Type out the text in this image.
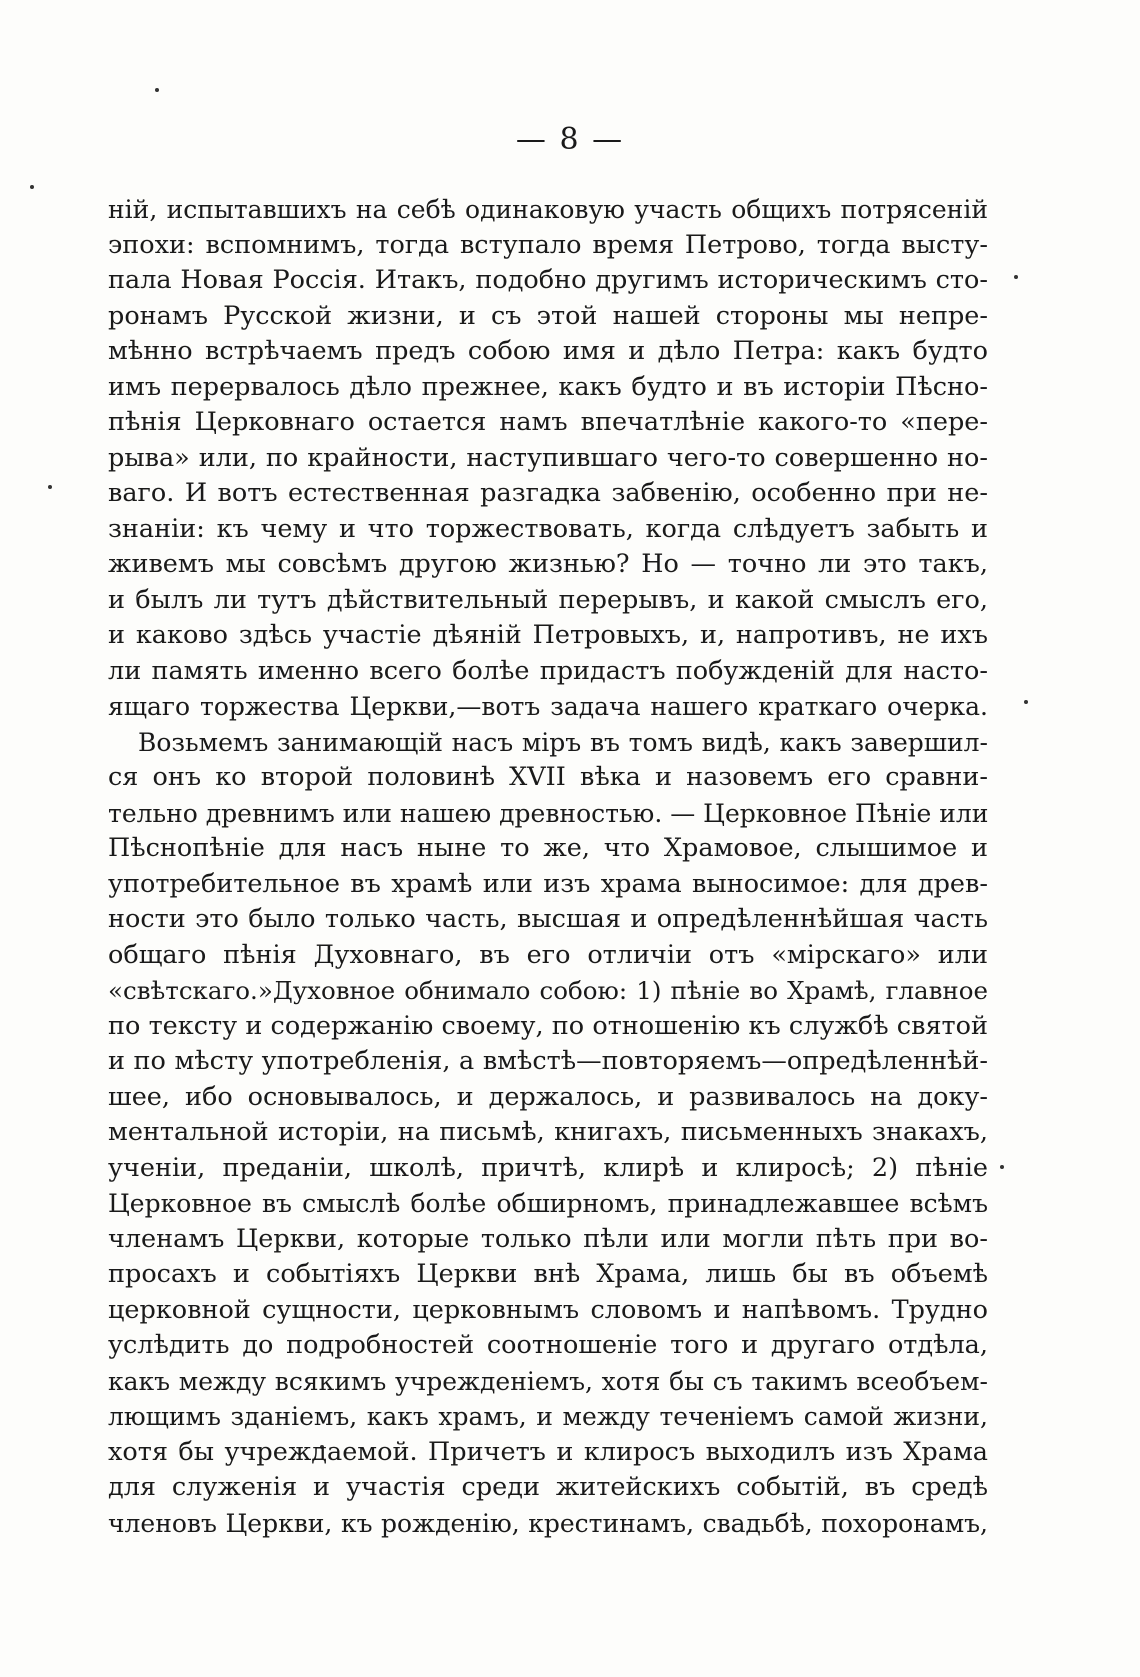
— 8 —
нiй, испытавшихъ на себѣ одинаковую участь общихъ потрясенiй
эпохи: вспомнимъ, тогда вступало время Петрово, тогда высту-
пала Новая Россiя. Итакъ, подобно другимъ историческимъ сто-
ронамъ Русской жизни, и съ этой нашей стороны мы непре-
мѣнно встрѣчаемъ предъ собою имя и дѣло Петра: какъ будто
имъ перервалось дѣло прежнее, какъ будто и въ исторiи Пѣсно-
пѣнiя Церковнаго остается намъ впечатлѣнiе какого-то «пере-
рыва» или, по крайности, наступившаго чего-то совершенно но-
ваго. И вотъ естественная разгадка забвенiю, особенно при не-
знанiи: къ чему и что торжествовать, когда слѣдуетъ забыть и
живемъ мы совсѣмъ другою жизнью? Но — точно ли это такъ,
и былъ ли тутъ дѣйствительный перерывъ, и какой смыслъ его,
и каково здѣсь участiе дѣянiй Петровыхъ, и, напротивъ, не ихъ
ли память именно всего болѣе придастъ побужденiй для насто-
ящаго торжества Церкви,—вотъ задача нашего краткаго очерка.
Возьмемъ занимающiй насъ мiръ въ томъ видѣ, какъ завершил-
ся онъ ко второй половинѣ XVII вѣка и назовемъ его сравни-
тельно древнимъ или нашею древностью. — Церковное Пѣнiе или
Пѣснопѣнiе для насъ ныне то же, что Храмовое, слышимое и
употребительное въ храмѣ или изъ храма выносимое: для древ-
ности это было только часть, высшая и опредѣленнѣйшая часть
общаго пѣнiя Духовнаго, въ его отличiи отъ «мiрскаго» или
«свѣтскаго.»Духовное обнимало собою: 1) пѣнiе во Храмѣ, главное
по тексту и содержанiю своему, по отношенiю къ службѣ святой
и по мѣсту употребленiя, а вмѣстѣ—повторяемъ—опредѣленнѣй-
шее, ибо основывалось, и держалось, и развивалось на доку-
ментальной исторiи, на письмѣ, книгахъ, письменныхъ знакахъ,
ученiи, преданiи, школѣ, причтѣ, клирѣ и клиросѣ; 2) пѣнiе
Церковное въ смыслѣ болѣе обширномъ, принадлежавшее всѣмъ
членамъ Церкви, которые только пѣли или могли пѣть при во-
просахъ и событiяхъ Церкви внѣ Храма, лишь бы въ объемѣ
церковной сущности, церковнымъ словомъ и напѣвомъ. Трудно
услѣдить до подробностей соотношенiе того и другаго отдѣла,
какъ между всякимъ учрежденiемъ, хотя бы съ такимъ всеобъем-
лющимъ зданiемъ, какъ храмъ, и между теченiемъ самой жизни,
хотя бы учреждаемой. Причетъ и клиросъ выходилъ изъ Храма
для служенiя и участiя среди житейскихъ событiй, въ средѣ
членовъ Церкви, къ рожденiю, крестинамъ, свадьбѣ, похоронамъ,
